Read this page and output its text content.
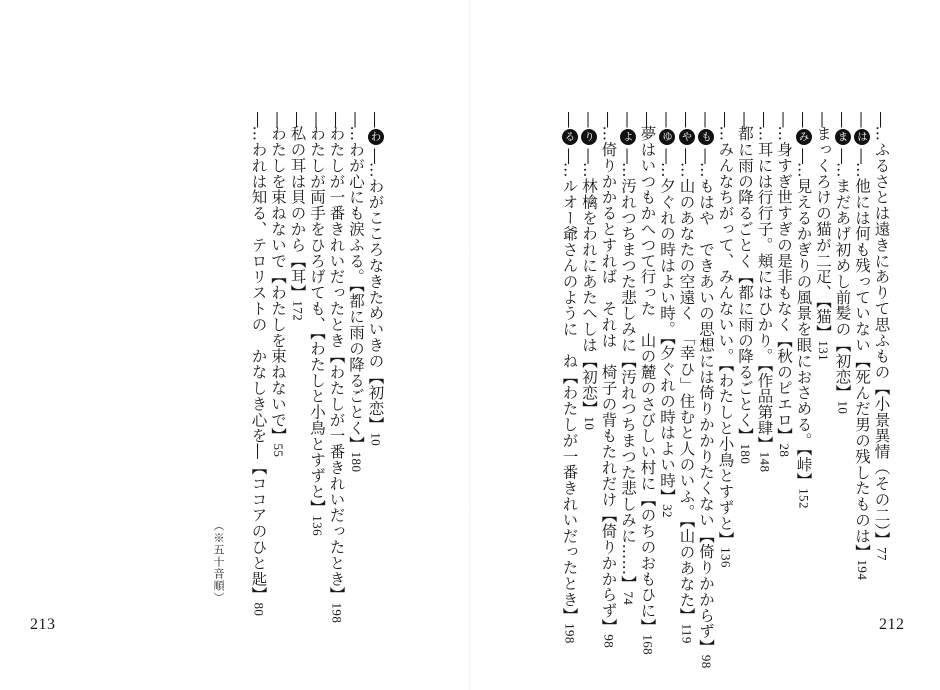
―…ふるさとは遠きにありて思ふもの【小景異情（その二）】77
―は―…他には何も残っていない【死んだ男の残したものは】194
―ま―…まだあげ初めし前髪の【初恋】10
―まっくろけの猫が二疋、【猫】131
―み―…見えるかぎりの風景を眼におさめる。【峠】152
―…身すぎ世すぎの是非もなく【秋のピエロ】28
―…耳には行行子。頬にはひかり。【作品第肆】148
―都に雨の降るごとく【都に雨の降るごとく】180
―…みんなちがって、みんないい。【わたしと小鳥とすずと】136
―も―…もはや　できあいの思想には倚りかかりたくない【倚りかからず】98
―や―…山のあなたの空遠く　「幸ひ」住むと人のいふ。【山のあなた】119
―ゆ―…夕ぐれの時はよい時。【夕ぐれの時はよい時】32
―夢はいつもかへつて行った　山の麓のさびしい村に【のちのおもひに】168
―よ―…汚れつちまつた悲しみに【汚れつちまつた悲しみに……】74
―…倚りかかるとすれば　それは　椅子の背もたれだけ【倚りかからず】98
―り―…林檎をわれにあたへしは【初恋】10
―る―…ルオー爺さんのように　ね【わたしが一番きれいだったとき】198
―わ―…わがこころなきためいきの【初恋】10
―…わが心にも涙ふる。【都に雨の降るごとく】180
―わたしが一番きれいだったとき【わたしが一番きれいだったとき】198
―わたしが両手をひろげても、【わたしと小鳥とすずと】136
―私の耳は貝のから【耳】172
―わたしを束ねないで【わたしを束ねないで】55
―…われは知る、テロリストの　かなしき心を―【ココアのひと匙】80
（※五十音順）
212
213
